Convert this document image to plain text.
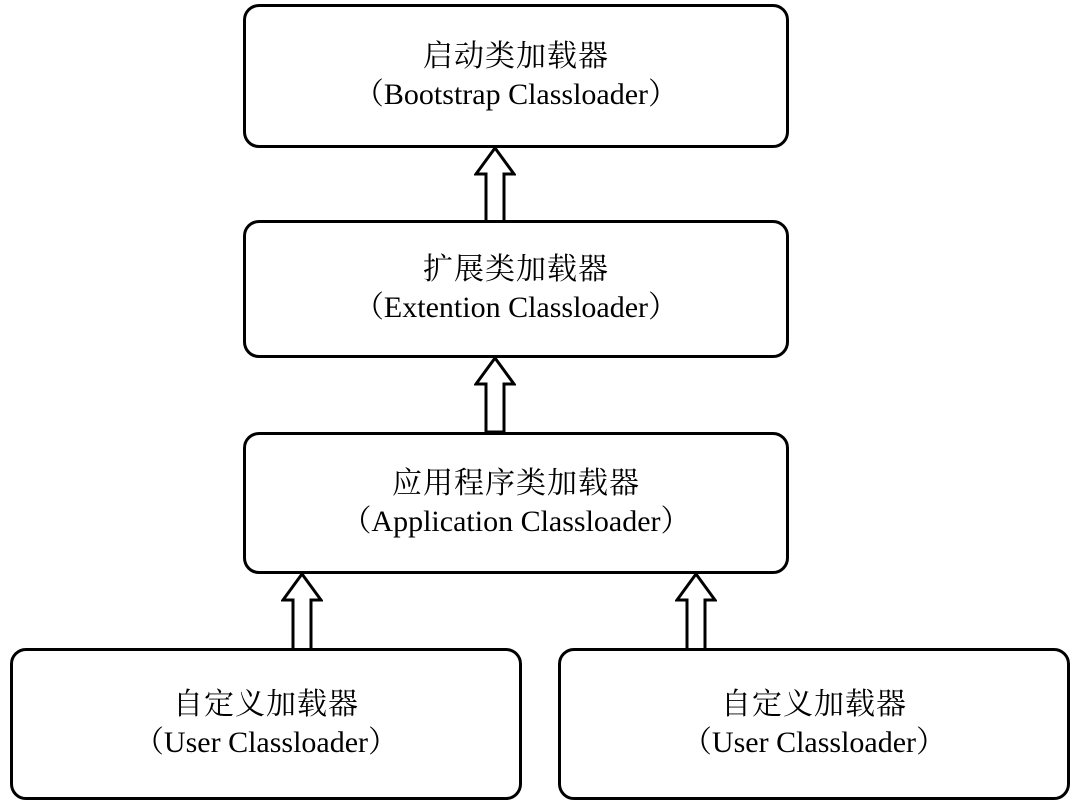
启动类加载器
（Bootstrap Classloader）
扩展类加载器
（Extention Classloader）
应用程序类加载器
（Application Classloader）
自定义加载器
（User Classloader）
自定义加载器
（User Classloader）
